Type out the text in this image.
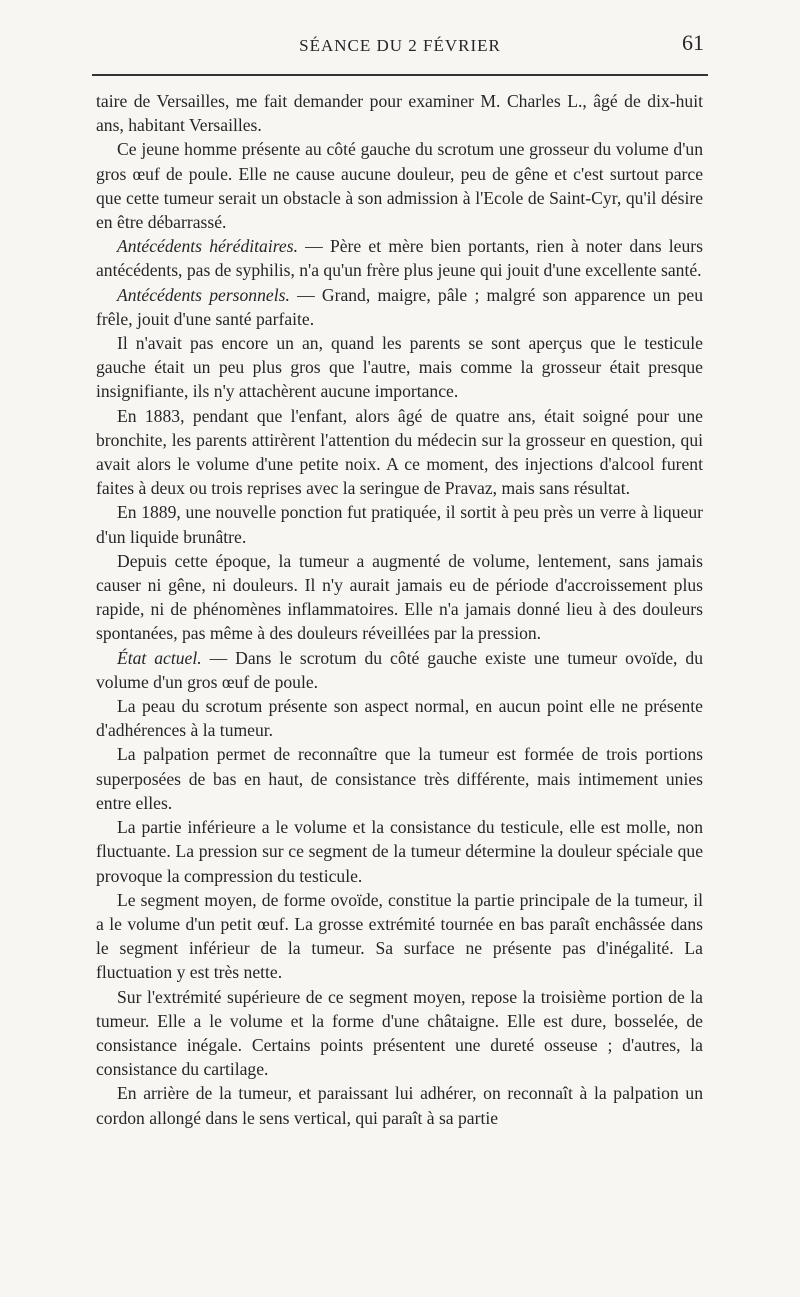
SÉANCE DU 2 FÉVRIER	61

taire de Versailles, me fait demander pour examiner M. Charles L., âgé de dix-huit ans, habitant Versailles.

Ce jeune homme présente au côté gauche du scrotum une grosseur du volume d'un gros œuf de poule. Elle ne cause aucune douleur, peu de gêne et c'est surtout parce que cette tumeur serait un obstacle à son admission à l'Ecole de Saint-Cyr, qu'il désire en être débarrassé.

Antécédents héréditaires. — Père et mère bien portants, rien à noter dans leurs antécédents, pas de syphilis, n'a qu'un frère plus jeune qui jouit d'une excellente santé.

Antécédents personnels. — Grand, maigre, pâle ; malgré son apparence un peu frêle, jouit d'une santé parfaite.

Il n'avait pas encore un an, quand les parents se sont aperçus que le testicule gauche était un peu plus gros que l'autre, mais comme la grosseur était presque insignifiante, ils n'y attachèrent aucune importance.

En 1883, pendant que l'enfant, alors âgé de quatre ans, était soigné pour une bronchite, les parents attirèrent l'attention du médecin sur la grosseur en question, qui avait alors le volume d'une petite noix. A ce moment, des injections d'alcool furent faites à deux ou trois reprises avec la seringue de Pravaz, mais sans résultat.

En 1889, une nouvelle ponction fut pratiquée, il sortit à peu près un verre à liqueur d'un liquide brunâtre.

Depuis cette époque, la tumeur a augmenté de volume, lentement, sans jamais causer ni gêne, ni douleurs. Il n'y aurait jamais eu de période d'accroissement plus rapide, ni de phénomènes inflammatoires. Elle n'a jamais donné lieu à des douleurs spontanées, pas même à des douleurs réveillées par la pression.

État actuel. — Dans le scrotum du côté gauche existe une tumeur ovoïde, du volume d'un gros œuf de poule.

La peau du scrotum présente son aspect normal, en aucun point elle ne présente d'adhérences à la tumeur.

La palpation permet de reconnaître que la tumeur est formée de trois portions superposées de bas en haut, de consistance très différente, mais intimement unies entre elles.

La partie inférieure a le volume et la consistance du testicule, elle est molle, non fluctuante. La pression sur ce segment de la tumeur détermine la douleur spéciale que provoque la compression du testicule.

Le segment moyen, de forme ovoïde, constitue la partie principale de la tumeur, il a le volume d'un petit œuf. La grosse extrémité tournée en bas paraît enchâssée dans le segment inférieur de la tumeur. Sa surface ne présente pas d'inégalité. La fluctuation y est très nette.

Sur l'extrémité supérieure de ce segment moyen, repose la troisième portion de la tumeur. Elle a le volume et la forme d'une châtaigne. Elle est dure, bosselée, de consistance inégale. Certains points présentent une dureté osseuse ; d'autres, la consistance du cartilage.

En arrière de la tumeur, et paraissant lui adhérer, on reconnaît à la palpation un cordon allongé dans le sens vertical, qui paraît à sa partie
